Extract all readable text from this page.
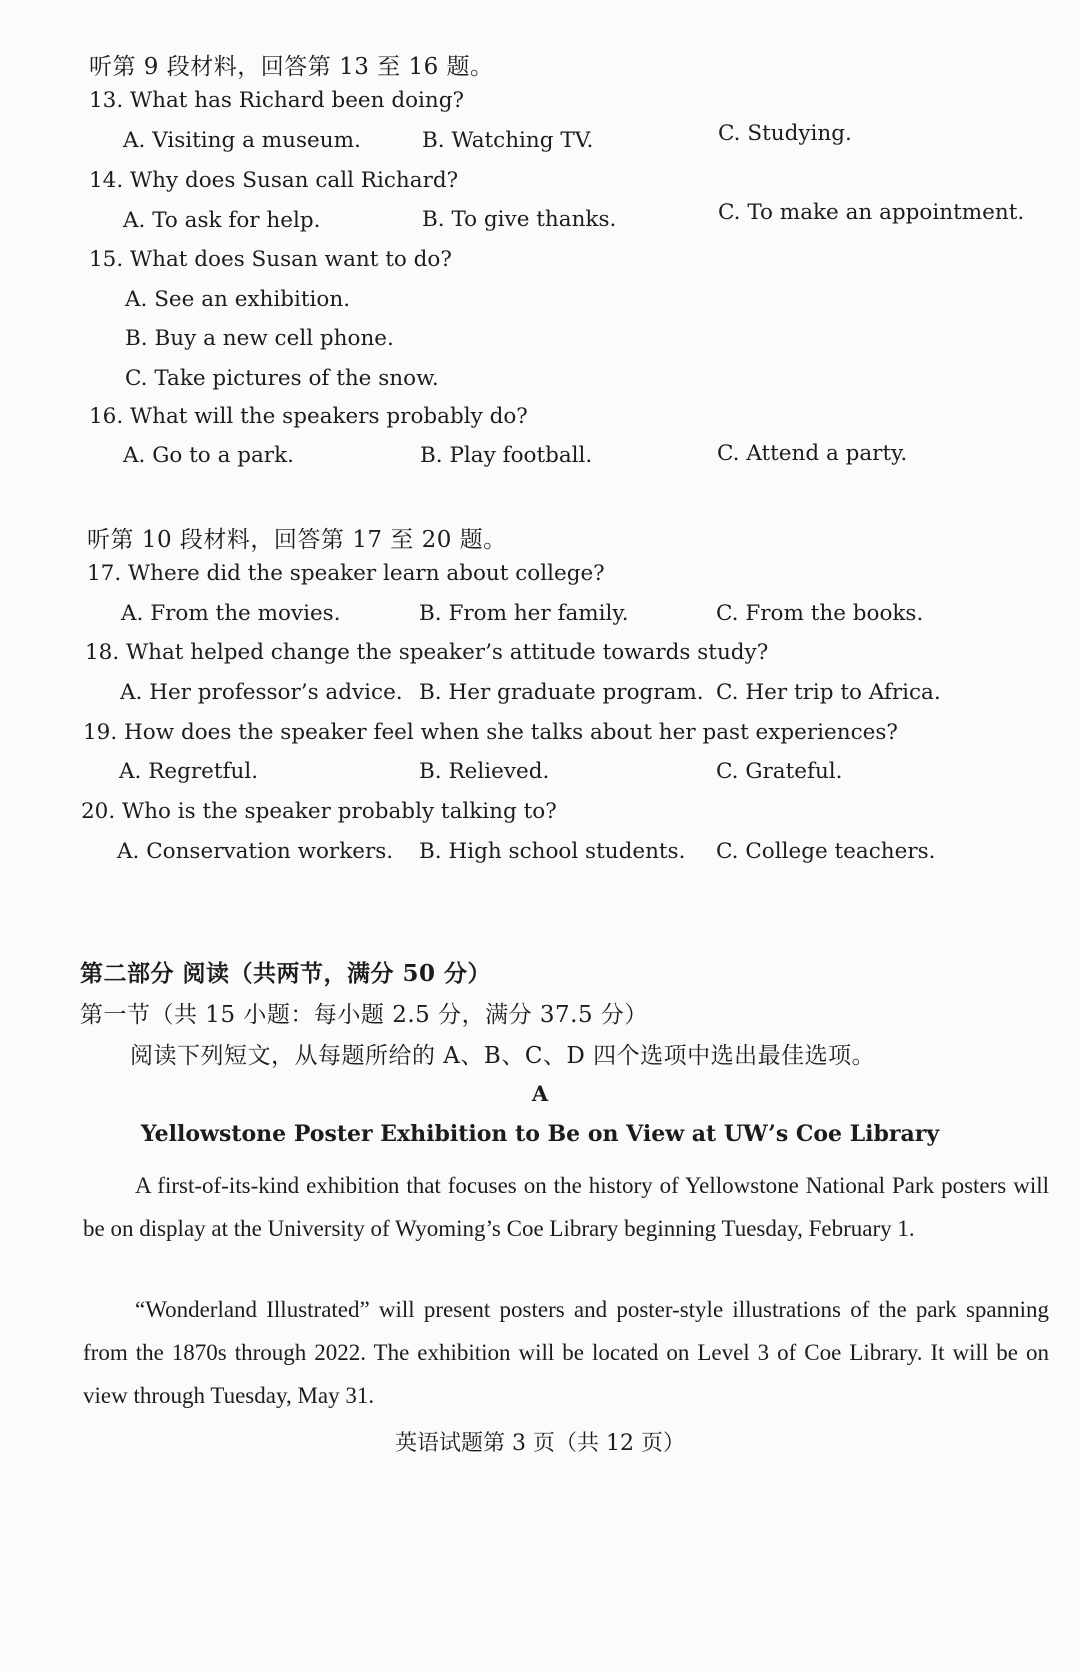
听第 9 段材料，回答第 13 至 16 题。
13. What has Richard been doing?
A. Visiting a museum.	B. Watching TV.	C. Studying.
14. Why does Susan call Richard?
A. To ask for help.	B. To give thanks.	C. To make an appointment.
15. What does Susan want to do?
A. See an exhibition.
B. Buy a new cell phone.
C. Take pictures of the snow.
16. What will the speakers probably do?
A. Go to a park.	B. Play football.	C. Attend a party.
听第 10 段材料，回答第 17 至 20 题。
17. Where did the speaker learn about college?
A. From the movies.	B. From her family.	C. From the books.
18. What helped change the speaker’s attitude towards study?
A. Her professor’s advice. B. Her graduate program. C. Her trip to Africa.
19. How does the speaker feel when she talks about her past experiences?
A. Regretful.	B. Relieved.	C. Grateful.
20. Who is the speaker probably talking to?
A. Conservation workers. B. High school students. C. College teachers.
第二部分 阅读（共两节，满分 50 分）
第一节（共 15 小题：每小题 2.5 分，满分 37.5 分）
阅读下列短文，从每题所给的 A、B、C、D 四个选项中选出最佳选项。
A
Yellowstone Poster Exhibition to Be on View at UW’s Coe Library

A first-of-its-kind exhibition that focuses on the history of Yellowstone National Park posters will be on display at the University of Wyoming’s Coe Library beginning Tuesday, February 1.

“Wonderland Illustrated” will present posters and poster-style illustrations of the park spanning from the 1870s through 2022. The exhibition will be located on Level 3 of Coe Library. It will be on view through Tuesday, May 31.

英语试题第 3 页（共 12 页）
